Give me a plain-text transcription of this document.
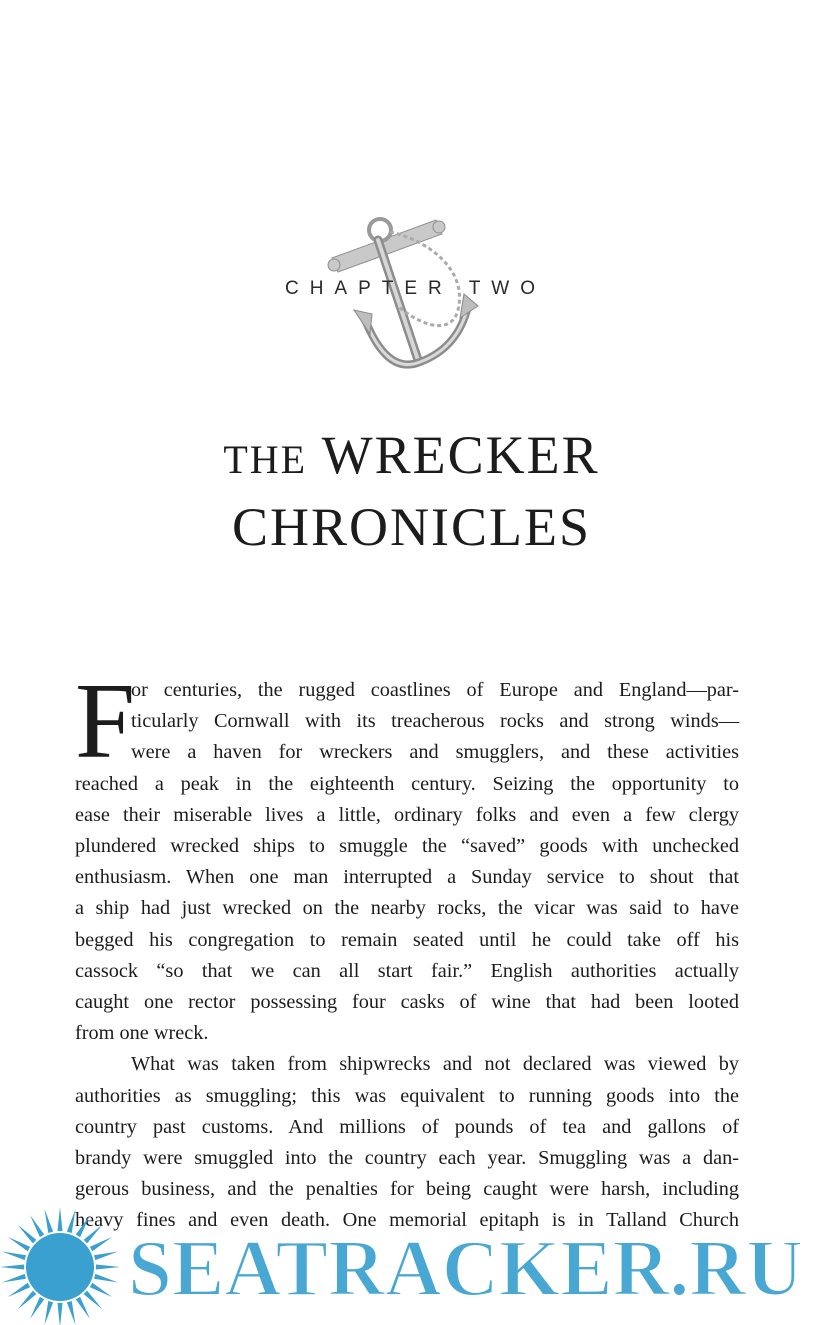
CHAPTER TWO
THE WRECKER
CHRONICLES
F
or centuries, the rugged coastlines of Europe and England—par-
ticularly Cornwall with its treacherous rocks and strong winds—
were a haven for wreckers and smugglers, and these activities
reached a peak in the eighteenth century. Seizing the opportunity to
ease their miserable lives a little, ordinary folks and even a few clergy
plundered wrecked ships to smuggle the “saved” goods with unchecked
enthusiasm. When one man interrupted a Sunday service to shout that
a ship had just wrecked on the nearby rocks, the vicar was said to have
begged his congregation to remain seated until he could take off his
cassock “so that we can all start fair.” English authorities actually
caught one rector possessing four casks of wine that had been looted
from one wreck.
What was taken from shipwrecks and not declared was viewed by
authorities as smuggling; this was equivalent to running goods into the
country past customs. And millions of pounds of tea and gallons of
brandy were smuggled into the country each year. Smuggling was a dan-
gerous business, and the penalties for being caught were harsh, including
heavy fines and even death. One memorial epitaph is in Talland Church
SEATRACKER.RU
